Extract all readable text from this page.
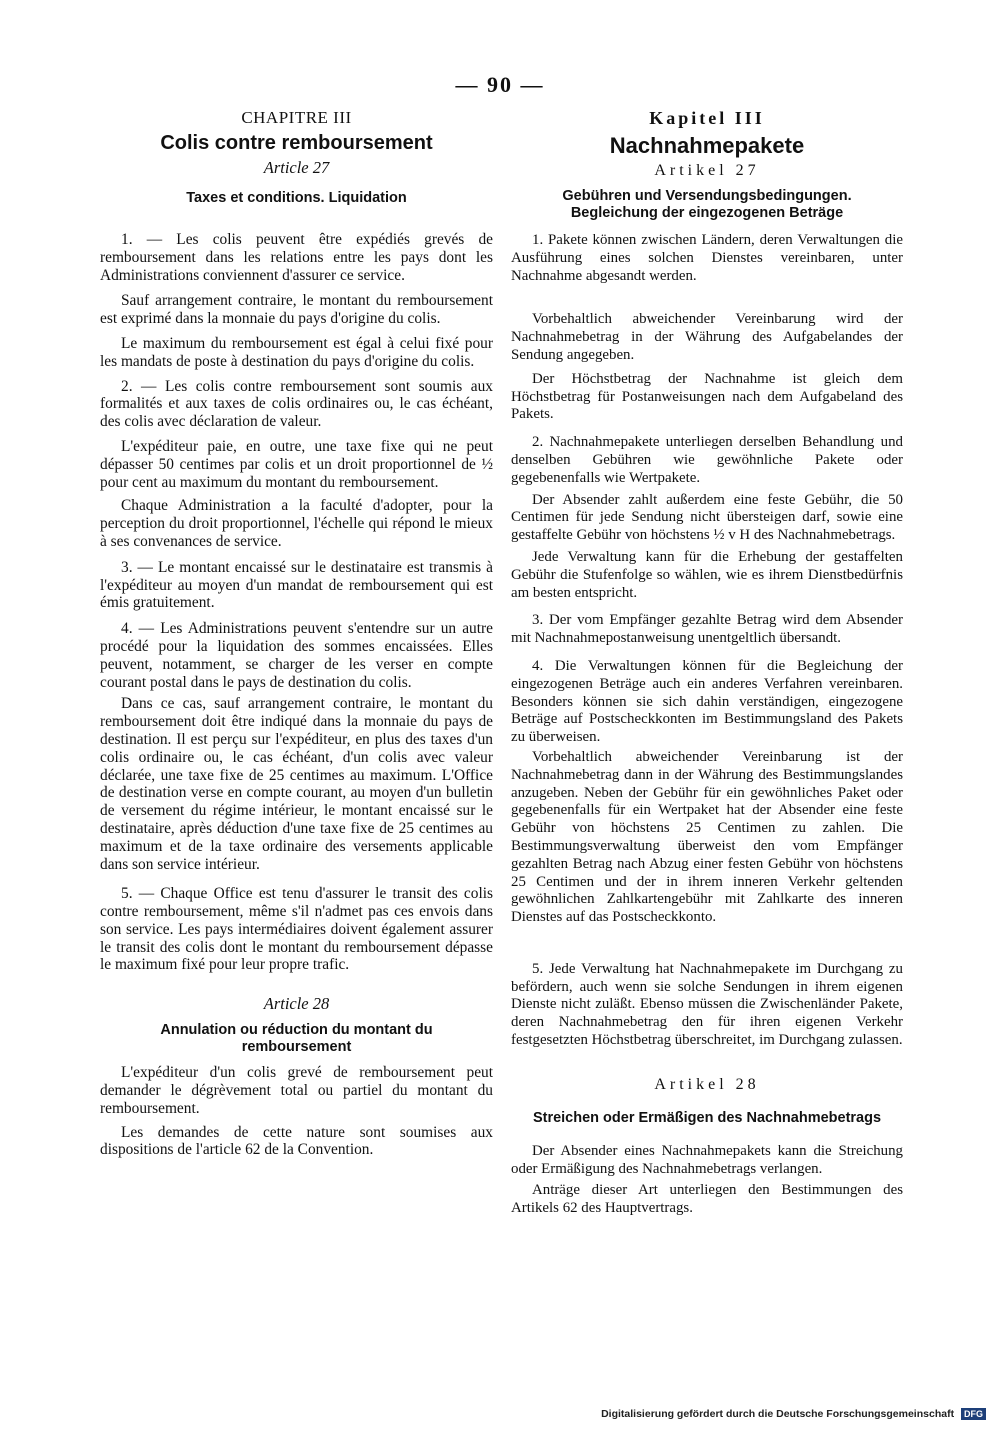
— 90 —
CHAPITRE III
Colis contre remboursement
Article 27
Taxes et conditions. Liquidation

1. — Les colis peuvent être expédiés grevés de remboursement dans les relations entre les pays dont les Administrations conviennent d'assurer ce service.

Sauf arrangement contraire, le montant du remboursement est exprimé dans la monnaie du pays d'origine du colis.

Le maximum du remboursement est égal à celui fixé pour les mandats de poste à destination du pays d'origine du colis.

2. — Les colis contre remboursement sont soumis aux formalités et aux taxes de colis ordinaires ou, le cas échéant, des colis avec déclaration de valeur.

L'expéditeur paie, en outre, une taxe fixe qui ne peut dépasser 50 centimes par colis et un droit proportionnel de ½ pour cent au maximum du montant du remboursement.

Chaque Administration a la faculté d'adopter, pour la perception du droit proportionnel, l'échelle qui répond le mieux à ses convenances de service.

3. — Le montant encaissé sur le destinataire est transmis à l'expéditeur au moyen d'un mandat de remboursement qui est émis gratuitement.

4. — Les Administrations peuvent s'entendre sur un autre procédé pour la liquidation des sommes encaissées. Elles peuvent, notamment, se charger de les verser en compte courant postal dans le pays de destination du colis.

Dans ce cas, sauf arrangement contraire, le montant du remboursement doit être indiqué dans la monnaie du pays de destination. Il est perçu sur l'expéditeur, en plus des taxes d'un colis ordinaire ou, le cas échéant, d'un colis avec valeur déclarée, une taxe fixe de 25 centimes au maximum. L'Office de destination verse en compte courant, au moyen d'un bulletin de versement du régime intérieur, le montant encaissé sur le destinataire, après déduction d'une taxe fixe de 25 centimes au maximum et de la taxe ordinaire des versements applicable dans son service intérieur.

5. — Chaque Office est tenu d'assurer le transit des colis contre remboursement, même s'il n'admet pas ces envois dans son service. Les pays intermédiaires doivent également assurer le transit des colis dont le montant du remboursement dépasse le maximum fixé pour leur propre trafic.

Article 28
Annulation ou réduction du montant du remboursement

L'expéditeur d'un colis grevé de remboursement peut demander le dégrèvement total ou partiel du montant du remboursement.

Les demandes de cette nature sont soumises aux dispositions de l'article 62 de la Convention.

Kapitel III
Nachnahmepakete
Artikel 27
Gebühren und Versendungsbedingungen. Begleichung der eingezogenen Beträge

1. Pakete können zwischen Ländern, deren Verwaltungen die Ausführung eines solchen Dienstes vereinbaren, unter Nachnahme abgesandt werden.

Vorbehaltlich abweichender Vereinbarung wird der Nachnahmebetrag in der Währung des Aufgabelandes der Sendung angegeben.

Der Höchstbetrag der Nachnahme ist gleich dem Höchstbetrag für Postanweisungen nach dem Aufgabeland des Pakets.

2. Nachnahmepakete unterliegen derselben Behandlung und denselben Gebühren wie gewöhnliche Pakete oder gegebenenfalls wie Wertpakete.

Der Absender zahlt außerdem eine feste Gebühr, die 50 Centimen für jede Sendung nicht übersteigen darf, sowie eine gestaffelte Gebühr von höchstens ½ v H des Nachnahmebetrags.

Jede Verwaltung kann für die Erhebung der gestaffelten Gebühr die Stufenfolge so wählen, wie es ihrem Dienstbedürfnis am besten entspricht.

3. Der vom Empfänger gezahlte Betrag wird dem Absender mit Nachnahmepostanweisung unentgeltlich übersandt.

4. Die Verwaltungen können für die Begleichung der eingezogenen Beträge auch ein anderes Verfahren vereinbaren. Besonders können sie sich dahin verständigen, eingezogene Beträge auf Postscheckkonten im Bestimmungsland des Pakets zu überweisen.

Vorbehaltlich abweichender Vereinbarung ist der Nachnahmebetrag dann in der Währung des Bestimmungslandes anzugeben. Neben der Gebühr für ein gewöhnliches Paket oder gegebenenfalls für ein Wertpaket hat der Absender eine feste Gebühr von höchstens 25 Centimen zu zahlen. Die Bestimmungsverwaltung überweist den vom Empfänger gezahlten Betrag nach Abzug einer festen Gebühr von höchstens 25 Centimen und der in ihrem inneren Verkehr geltenden gewöhnlichen Zahlkartengebühr mit Zahlkarte des inneren Dienstes auf das Postscheckkonto.

5. Jede Verwaltung hat Nachnahmepakete im Durchgang zu befördern, auch wenn sie solche Sendungen in ihrem eigenen Dienste nicht zuläßt. Ebenso müssen die Zwischenländer Pakete, deren Nachnahmebetrag den für ihren eigenen Verkehr festgesetzten Höchstbetrag überschreitet, im Durchgang zulassen.

Artikel 28
Streichen oder Ermäßigen des Nachnahmebetrags

Der Absender eines Nachnahmepakets kann die Streichung oder Ermäßigung des Nachnahmebetrags verlangen.

Anträge dieser Art unterliegen den Bestimmungen des Artikels 62 des Hauptvertrags.

Digitalisierung gefördert durch die Deutsche Forschungsgemeinschaft DFG
